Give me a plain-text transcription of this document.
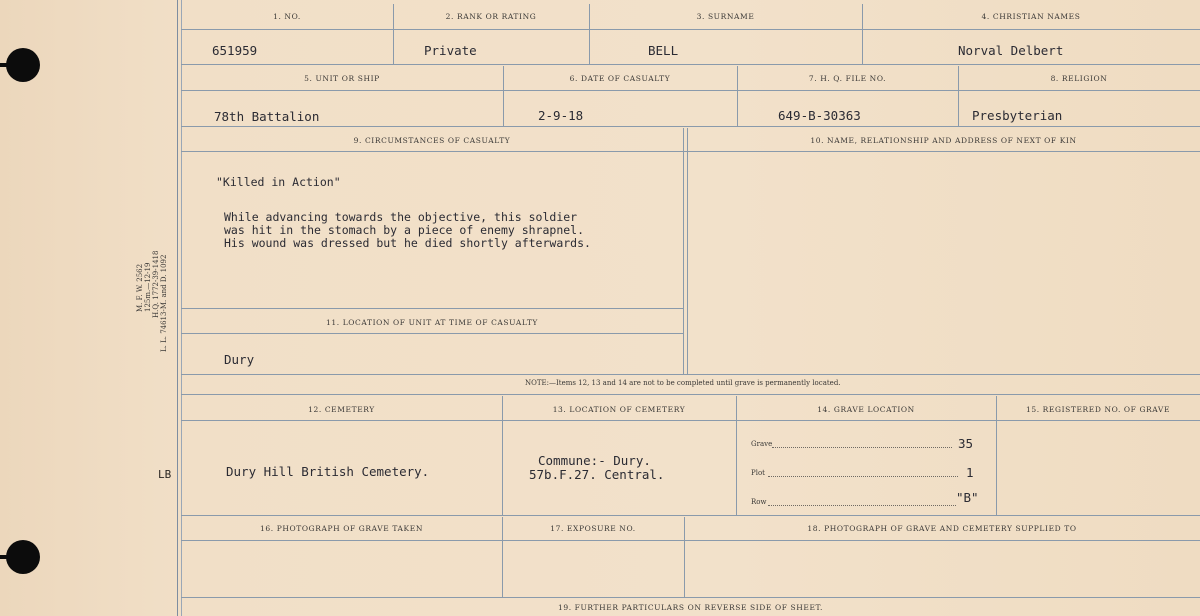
M. F. W. 2562 125m.—12-19 H.Q. 1772-39-1418 L. L. 74613-M. and D. 1092
LB
1. NO.	2. RANK OR RATING	3. SURNAME	4. CHRISTIAN NAMES
651959	Private	BELL	Norval Delbert
5. UNIT OR SHIP	6. DATE OF CASUALTY	7. H. Q. FILE NO.	8. RELIGION
78th Battalion	2-9-18	649-B-30363	Presbyterian
9. CIRCUMSTANCES OF CASUALTY	10. NAME, RELATIONSHIP AND ADDRESS OF NEXT OF KIN
"Killed in Action"
While advancing towards the objective, this soldier
was hit in the stomach by a piece of enemy shrapnel.
His wound was dressed but he died shortly afterwards.
11. LOCATION OF UNIT AT TIME OF CASUALTY
Dury
NOTE:—Items 12, 13 and 14 are not to be completed until grave is permanently located.
12. CEMETERY	13. LOCATION OF CEMETERY	14. GRAVE LOCATION	15. REGISTERED NO. OF GRAVE
Dury Hill British Cemetery.
Commune:- Dury.
57b.F.27. Central.
Grave	35
Plot	1
Row	"B"
16. PHOTOGRAPH OF GRAVE TAKEN	17. EXPOSURE NO.	18. PHOTOGRAPH OF GRAVE AND CEMETERY SUPPLIED TO
19. FURTHER PARTICULARS ON REVERSE SIDE OF SHEET.
